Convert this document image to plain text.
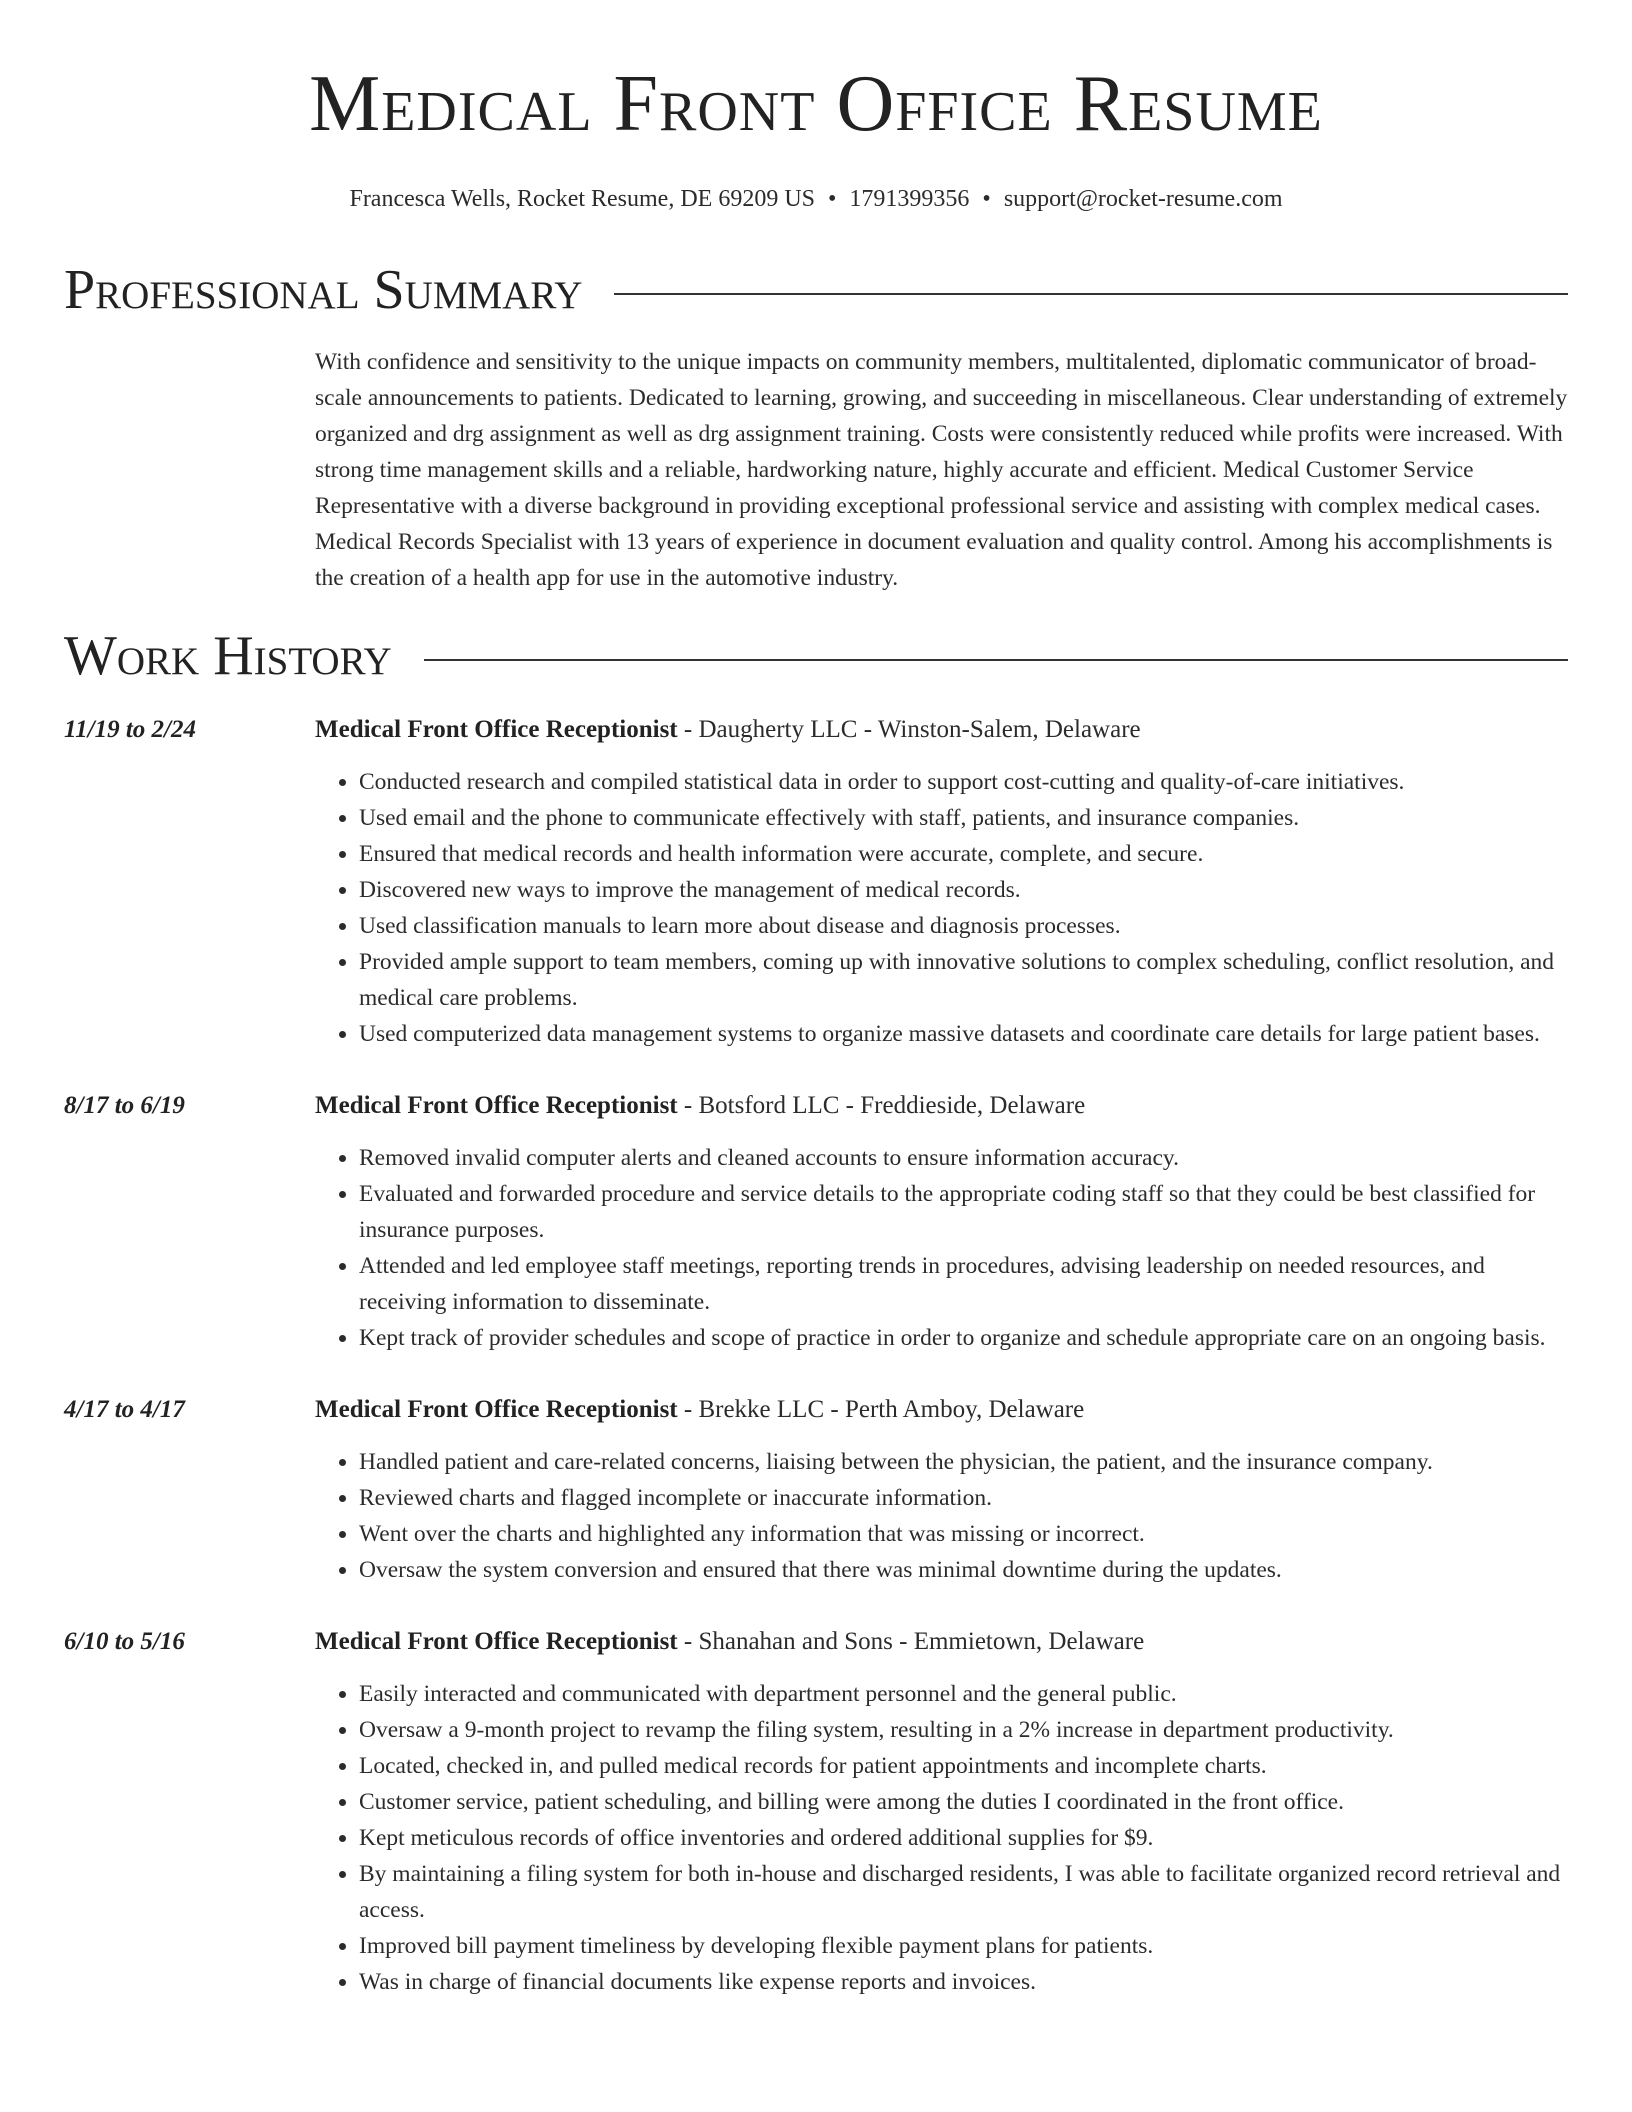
Medical Front Office Resume
Francesca Wells, Rocket Resume, DE 69209 US • 1791399356 • support@rocket-resume.com
Professional Summary
With confidence and sensitivity to the unique impacts on community members, multitalented, diplomatic communicator of broad-scale announcements to patients. Dedicated to learning, growing, and succeeding in miscellaneous. Clear understanding of extremely organized and drg assignment as well as drg assignment training. Costs were consistently reduced while profits were increased. With strong time management skills and a reliable, hardworking nature, highly accurate and efficient. Medical Customer Service Representative with a diverse background in providing exceptional professional service and assisting with complex medical cases. Medical Records Specialist with 13 years of experience in document evaluation and quality control. Among his accomplishments is the creation of a health app for use in the automotive industry.
Work History
11/19 to 2/24	Medical Front Office Receptionist - Daugherty LLC - Winston-Salem, Delaware
• Conducted research and compiled statistical data in order to support cost-cutting and quality-of-care initiatives.
• Used email and the phone to communicate effectively with staff, patients, and insurance companies.
• Ensured that medical records and health information were accurate, complete, and secure.
• Discovered new ways to improve the management of medical records.
• Used classification manuals to learn more about disease and diagnosis processes.
• Provided ample support to team members, coming up with innovative solutions to complex scheduling, conflict resolution, and medical care problems.
• Used computerized data management systems to organize massive datasets and coordinate care details for large patient bases.
8/17 to 6/19	Medical Front Office Receptionist - Botsford LLC - Freddieside, Delaware
• Removed invalid computer alerts and cleaned accounts to ensure information accuracy.
• Evaluated and forwarded procedure and service details to the appropriate coding staff so that they could be best classified for insurance purposes.
• Attended and led employee staff meetings, reporting trends in procedures, advising leadership on needed resources, and receiving information to disseminate.
• Kept track of provider schedules and scope of practice in order to organize and schedule appropriate care on an ongoing basis.
4/17 to 4/17	Medical Front Office Receptionist - Brekke LLC - Perth Amboy, Delaware
• Handled patient and care-related concerns, liaising between the physician, the patient, and the insurance company.
• Reviewed charts and flagged incomplete or inaccurate information.
• Went over the charts and highlighted any information that was missing or incorrect.
• Oversaw the system conversion and ensured that there was minimal downtime during the updates.
6/10 to 5/16	Medical Front Office Receptionist - Shanahan and Sons - Emmietown, Delaware
• Easily interacted and communicated with department personnel and the general public.
• Oversaw a 9-month project to revamp the filing system, resulting in a 2% increase in department productivity.
• Located, checked in, and pulled medical records for patient appointments and incomplete charts.
• Customer service, patient scheduling, and billing were among the duties I coordinated in the front office.
• Kept meticulous records of office inventories and ordered additional supplies for $9.
• By maintaining a filing system for both in-house and discharged residents, I was able to facilitate organized record retrieval and access.
• Improved bill payment timeliness by developing flexible payment plans for patients.
• Was in charge of financial documents like expense reports and invoices.
